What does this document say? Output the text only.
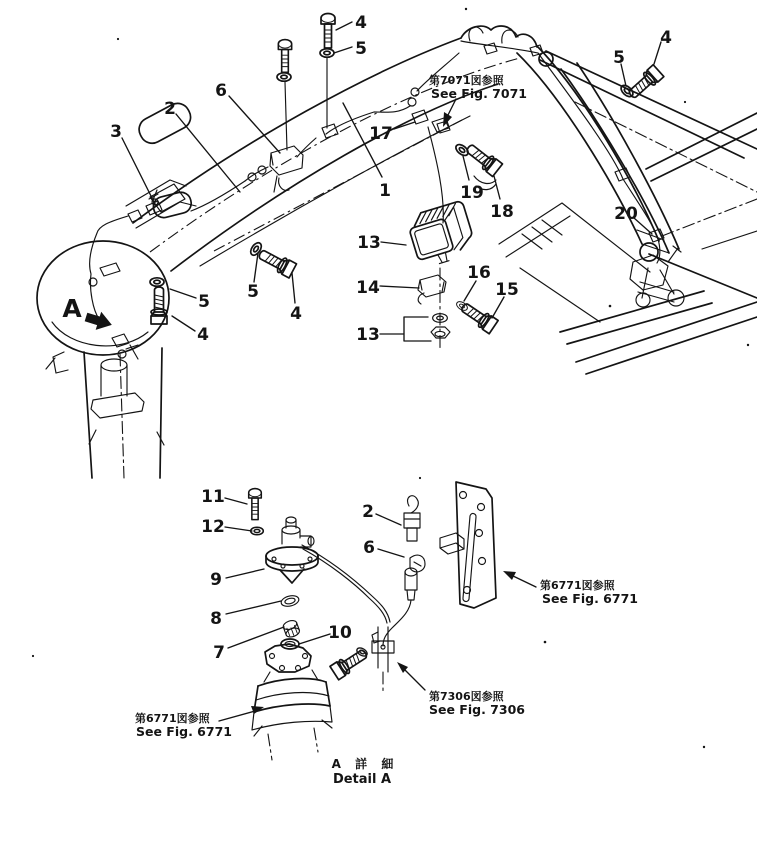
4
5
6
2
3	17
1
4
5
19
18	20
13
14
16
15
13
5
4
5
4
A
11
12
9
8
7
10
2
6
第7071図参照
See Fig. 7071
第6771図参照
See Fig. 6771
第7306図参照
See Fig. 7306
第6771図参照
See Fig. 6771
A 詳 細
Detail A
